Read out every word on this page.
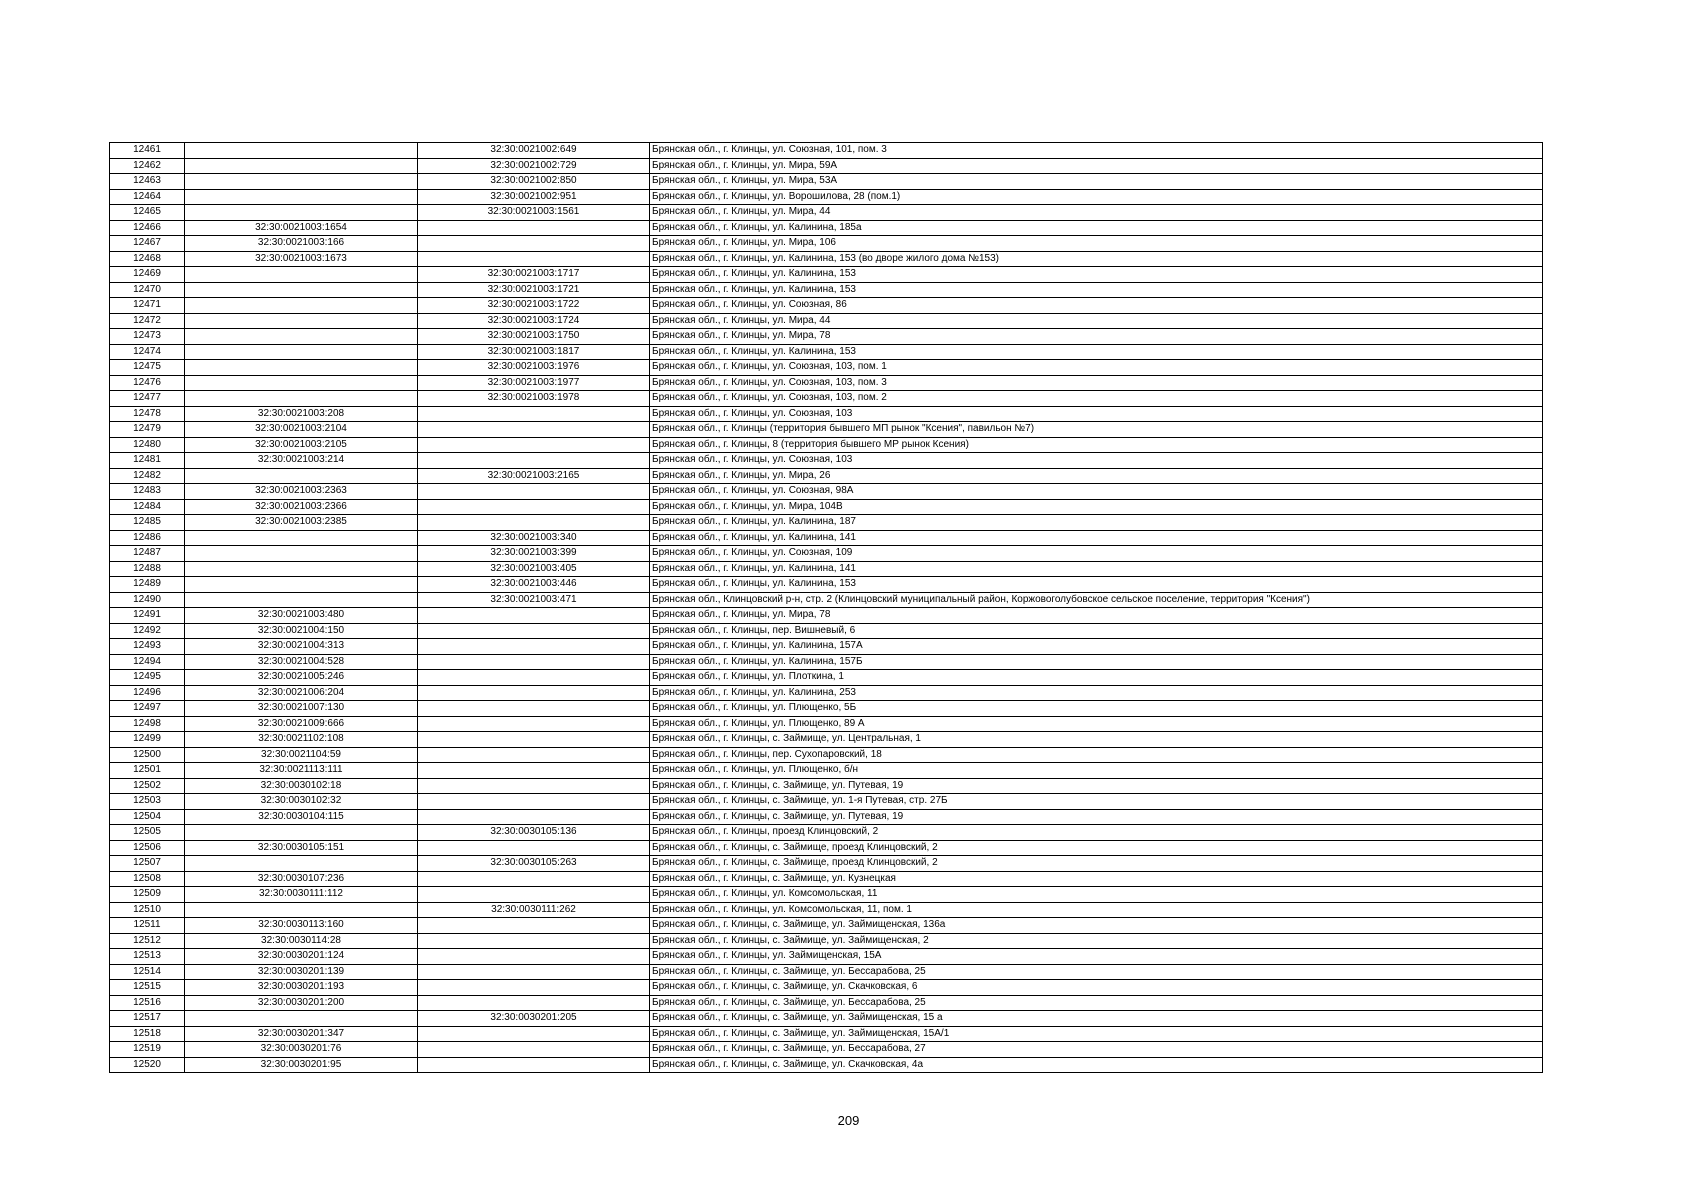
12461		32:30:0021002:649	Брянская обл., г. Клинцы, ул. Союзная, 101, пом. 3
12462		32:30:0021002:729	Брянская обл., г. Клинцы, ул. Мира, 59А
12463		32:30:0021002:850	Брянская обл., г. Клинцы, ул. Мира, 53А
12464		32:30:0021002:951	Брянская обл., г. Клинцы, ул. Ворошилова, 28 (пом.1)
12465		32:30:0021003:1561	Брянская обл., г. Клинцы, ул. Мира, 44
12466	32:30:0021003:1654		Брянская обл., г. Клинцы, ул. Калинина, 185а
12467	32:30:0021003:166		Брянская обл., г. Клинцы, ул. Мира, 106
12468	32:30:0021003:1673		Брянская обл., г. Клинцы, ул. Калинина, 153 (во дворе жилого дома №153)
12469		32:30:0021003:1717	Брянская обл., г. Клинцы, ул. Калинина, 153
12470		32:30:0021003:1721	Брянская обл., г. Клинцы, ул. Калинина, 153
12471		32:30:0021003:1722	Брянская обл., г. Клинцы, ул. Союзная, 86
12472		32:30:0021003:1724	Брянская обл., г. Клинцы, ул. Мира, 44
12473		32:30:0021003:1750	Брянская обл., г. Клинцы, ул. Мира, 78
12474		32:30:0021003:1817	Брянская обл., г. Клинцы, ул. Калинина, 153
12475		32:30:0021003:1976	Брянская обл., г. Клинцы, ул. Союзная, 103, пом. 1
12476		32:30:0021003:1977	Брянская обл., г. Клинцы, ул. Союзная, 103, пом. 3
12477		32:30:0021003:1978	Брянская обл., г. Клинцы, ул. Союзная, 103, пом. 2
12478	32:30:0021003:208		Брянская обл., г. Клинцы, ул. Союзная, 103
12479	32:30:0021003:2104		Брянская обл., г. Клинцы (территория бывшего МП рынок "Ксения", павильон №7)
12480	32:30:0021003:2105		Брянская обл., г. Клинцы, 8 (территория бывшего МР рынок Ксения)
12481	32:30:0021003:214		Брянская обл., г. Клинцы, ул. Союзная, 103
12482		32:30:0021003:2165	Брянская обл., г. Клинцы, ул. Мира, 26
12483	32:30:0021003:2363		Брянская обл., г. Клинцы, ул. Союзная, 98А
12484	32:30:0021003:2366		Брянская обл., г. Клинцы, ул. Мира, 104В
12485	32:30:0021003:2385		Брянская обл., г. Клинцы, ул. Калинина, 187
12486		32:30:0021003:340	Брянская обл., г. Клинцы, ул. Калинина, 141
12487		32:30:0021003:399	Брянская обл., г. Клинцы, ул. Союзная, 109
12488		32:30:0021003:405	Брянская обл., г. Клинцы, ул. Калинина, 141
12489		32:30:0021003:446	Брянская обл., г. Клинцы, ул. Калинина, 153
12490		32:30:0021003:471	Брянская обл., Клинцовский р-н, стр. 2 (Клинцовский муниципальный район, Коржовоголубовское сельское поселение, территория "Ксения")
12491	32:30:0021003:480		Брянская обл., г. Клинцы, ул. Мира, 78
12492	32:30:0021004:150		Брянская обл., г. Клинцы, пер. Вишневый, 6
12493	32:30:0021004:313		Брянская обл., г. Клинцы, ул. Калинина, 157А
12494	32:30:0021004:528		Брянская обл., г. Клинцы, ул. Калинина, 157Б
12495	32:30:0021005:246		Брянская обл., г. Клинцы, ул. Плоткина, 1
12496	32:30:0021006:204		Брянская обл., г. Клинцы, ул. Калинина, 253
12497	32:30:0021007:130		Брянская обл., г. Клинцы, ул. Плющенко, 5Б
12498	32:30:0021009:666		Брянская обл., г. Клинцы, ул. Плющенко, 89 А
12499	32:30:0021102:108		Брянская обл., г. Клинцы, с. Займище, ул. Центральная, 1
12500	32:30:0021104:59		Брянская обл., г. Клинцы, пер. Сухопаровский, 18
12501	32:30:0021113:111		Брянская обл., г. Клинцы, ул. Плющенко, б/н
12502	32:30:0030102:18		Брянская обл., г. Клинцы, с. Займище, ул. Путевая, 19
12503	32:30:0030102:32		Брянская обл., г. Клинцы, с. Займище, ул. 1-я Путевая, стр. 27Б
12504	32:30:0030104:115		Брянская обл., г. Клинцы, с. Займище, ул. Путевая, 19
12505		32:30:0030105:136	Брянская обл., г. Клинцы, проезд Клинцовский, 2
12506	32:30:0030105:151		Брянская обл., г. Клинцы, с. Займище, проезд Клинцовский, 2
12507		32:30:0030105:263	Брянская обл., г. Клинцы, с. Займище, проезд Клинцовский, 2
12508	32:30:0030107:236		Брянская обл., г. Клинцы, с. Займище, ул. Кузнецкая
12509	32:30:0030111:112		Брянская обл., г. Клинцы, ул. Комсомольская, 11
12510		32:30:0030111:262	Брянская обл., г. Клинцы, ул. Комсомольская, 11, пом. 1
12511	32:30:0030113:160		Брянская обл., г. Клинцы, с. Займище, ул. Займищенская, 136а
12512	32:30:0030114:28		Брянская обл., г. Клинцы, с. Займище, ул. Займищенская, 2
12513	32:30:0030201:124		Брянская обл., г. Клинцы, ул. Займищенская, 15А
12514	32:30:0030201:139		Брянская обл., г. Клинцы, с. Займище, ул. Бессарабова, 25
12515	32:30:0030201:193		Брянская обл., г. Клинцы, с. Займище, ул. Скачковская, 6
12516	32:30:0030201:200		Брянская обл., г. Клинцы, с. Займище, ул. Бессарабова, 25
12517		32:30:0030201:205	Брянская обл., г. Клинцы, с. Займище, ул. Займищенская, 15 а
12518	32:30:0030201:347		Брянская обл., г. Клинцы, с. Займище, ул. Займищенская, 15А/1
12519	32:30:0030201:76		Брянская обл., г. Клинцы, с. Займище, ул. Бессарабова, 27
12520	32:30:0030201:95		Брянская обл., г. Клинцы, с. Займище, ул. Скачковская, 4а
209
